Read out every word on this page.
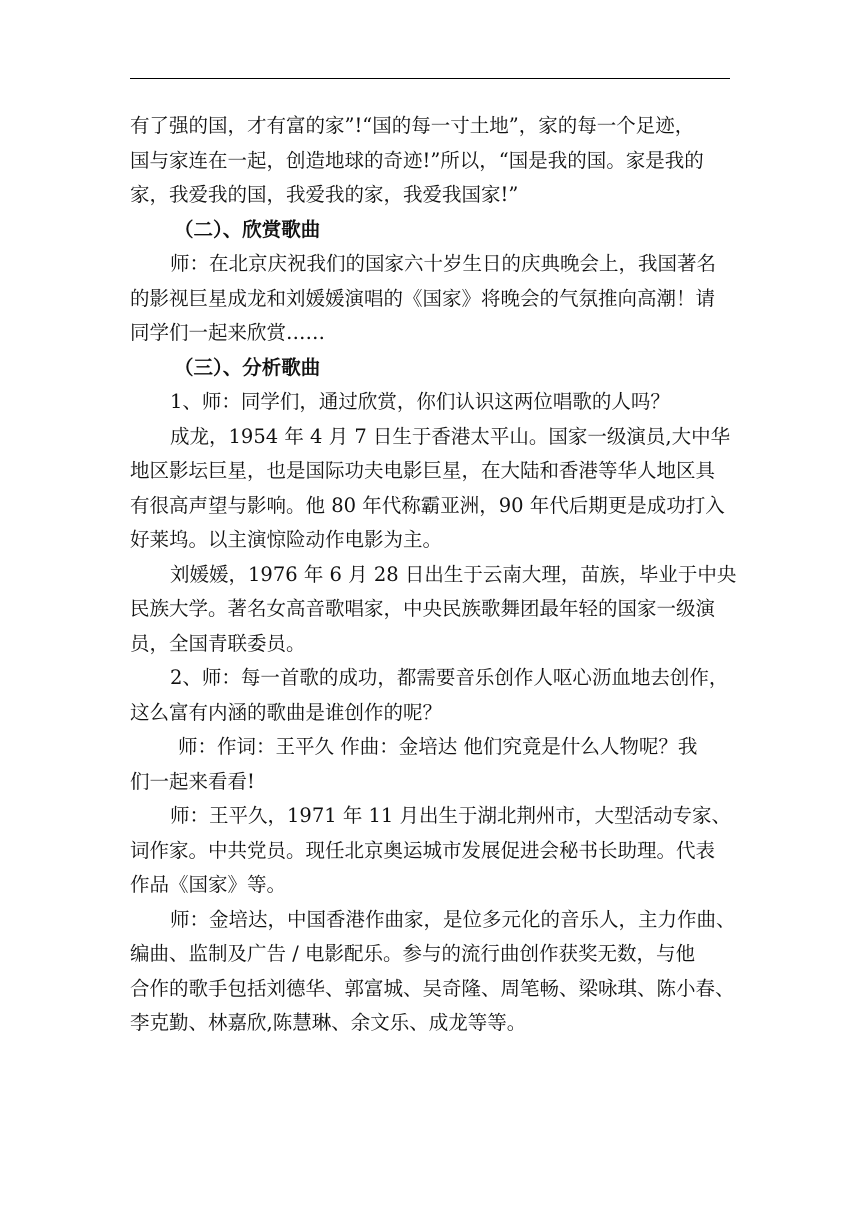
有了强的国，才有富的家”!“国的每一寸土地”，家的每一个足迹，
国与家连在一起，创造地球的奇迹!”所以，“国是我的国。家是我的
家，我爱我的国，我爱我的家，我爱我国家!”
（二）、欣赏歌曲
师：在北京庆祝我们的国家六十岁生日的庆典晚会上，我国著名
的影视巨星成龙和刘媛媛演唱的《国家》将晚会的气氛推向高潮！请
同学们一起来欣赏……
（三）、分析歌曲
1、师：同学们，通过欣赏，你们认识这两位唱歌的人吗？
成龙，1954 年 4 月 7 日生于香港太平山。国家一级演员,大中华
地区影坛巨星，也是国际功夫电影巨星，在大陆和香港等华人地区具
有很高声望与影响。他 80 年代称霸亚洲，90 年代后期更是成功打入
好莱坞。以主演惊险动作电影为主。
刘媛媛，1976 年 6 月 28 日出生于云南大理，苗族，毕业于中央
民族大学。著名女高音歌唱家，中央民族歌舞团最年轻的国家一级演
员，全国青联委员。
2、师：每一首歌的成功，都需要音乐创作人呕心沥血地去创作，
这么富有内涵的歌曲是谁创作的呢？
师：作词：王平久 作曲：金培达 他们究竟是什么人物呢？我
们一起来看看!
师：王平久，1971 年 11 月出生于湖北荆州市，大型活动专家、
词作家。中共党员。现任北京奥运城市发展促进会秘书长助理。代表
作品《国家》等。
师：金培达，中国香港作曲家，是位多元化的音乐人，主力作曲、
编曲、监制及广告 / 电影配乐。参与的流行曲创作获奖无数，与他
合作的歌手包括刘德华、郭富城、吴奇隆、周笔畅、梁咏琪、陈小春、
李克勤、林嘉欣,陈慧琳、余文乐、成龙等等。
